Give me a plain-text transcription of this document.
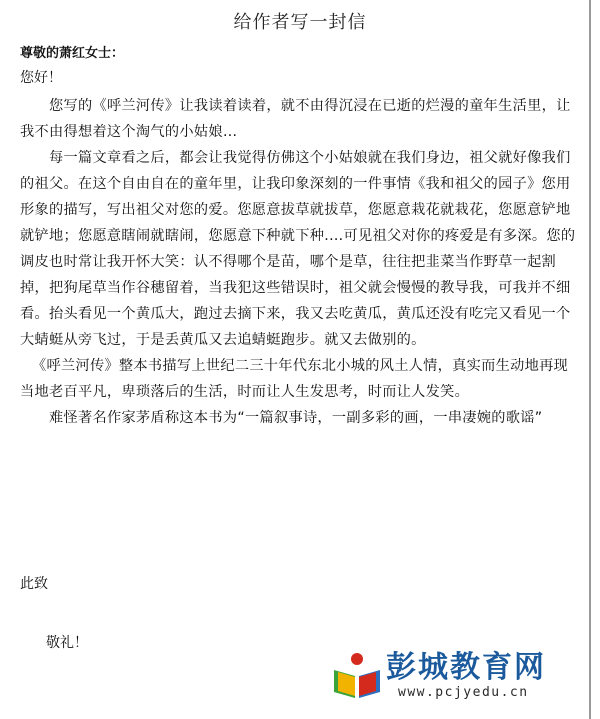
给作者写一封信
尊敬的萧红女士：
您好！

您写的《呼兰河传》让我读着读着，就不由得沉浸在已逝的烂漫的童年生活里，让我不由得想着这个淘气的小姑娘…

每一篇文章看之后，都会让我觉得仿佛这个小姑娘就在我们身边，祖父就好像我们的祖父。在这个自由自在的童年里，让我印象深刻的一件事情《我和祖父的园子》您用形象的描写，写出祖父对您的爱。您愿意拔草就拔草，您愿意栽花就栽花，您愿意铲地就铲地；您愿意瞎闹就瞎闹，您愿意下种就下种.…可见祖父对你的疼爱是有多深。您的调皮也时常让我开怀大笑：认不得哪个是苗，哪个是草，往往把韭菜当作野草一起割掉，把狗尾草当作谷穗留着，当我犯这些错误时，祖父就会慢慢的教导我，可我并不细看。抬头看见一个黄瓜大，跑过去摘下来，我又去吃黄瓜，黄瓜还没有吃完又看见一个大蜻蜓从旁飞过，于是丢黄瓜又去追蜻蜓跑步。就又去做别的。

《呼兰河传》整本书描写上世纪二三十年代东北小城的风土人情，真实而生动地再现当地老百平凡，卑琐落后的生活，时而让人生发思考，时而让人发笑。

难怪著名作家茅盾称这本书为“一篇叙事诗，一副多彩的画，一串凄婉的歌谣”

此致
敬礼！
彭城教育网
www.pcjyedu.cn
